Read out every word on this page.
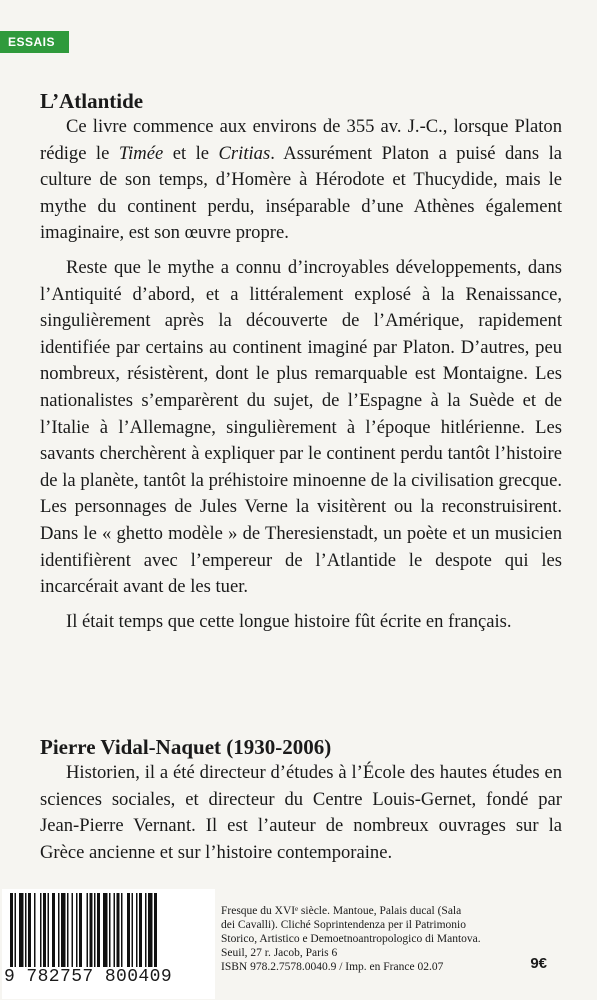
ESSAIS
L’Atlantide

Ce livre commence aux environs de 355 av. J.-C., lorsque Platon rédige le Timée et le Critias. Assurément Platon a puisé dans la culture de son temps, d’Homère à Hérodote et Thucydide, mais le mythe du continent perdu, inséparable d’une Athènes également imaginaire, est son œuvre propre.

Reste que le mythe a connu d’incroyables développements, dans l’Antiquité d’abord, et a littéralement explosé à la Renaissance, singulièrement après la découverte de l’Amérique, rapidement identifiée par certains au continent imaginé par Platon. D’autres, peu nombreux, résistèrent, dont le plus remarquable est Montaigne. Les nationalistes s’emparèrent du sujet, de l’Espagne à la Suède et de l’Italie à l’Allemagne, singulièrement à l’époque hitlérienne. Les savants cherchèrent à expliquer par le continent perdu tantôt l’histoire de la planète, tantôt la préhistoire minoenne de la civilisation grecque. Les personnages de Jules Verne la visitèrent ou la reconstruisirent. Dans le « ghetto modèle » de Theresienstadt, un poète et un musicien identifièrent avec l’empereur de l’Atlantide le despote qui les incarcérait avant de les tuer.

Il était temps que cette longue histoire fût écrite en français.

Pierre Vidal-Naquet (1930-2006)

Historien, il a été directeur d’études à l’École des hautes études en sciences sociales, et directeur du Centre Louis-Gernet, fondé par Jean-Pierre Vernant. Il est l’auteur de nombreux ouvrages sur la Grèce ancienne et sur l’histoire contemporaine.

9 782757 800409
Fresque du XVIᵉ siècle. Mantoue, Palais ducal (Sala
dei Cavalli). Cliché Soprintendenza per il Patrimonio
Storico, Artistico e Demoetnoantropologico di Mantova.
Seuil, 27 r. Jacob, Paris 6
ISBN 978.2.7578.0040.9 / Imp. en France 02.07	9€
